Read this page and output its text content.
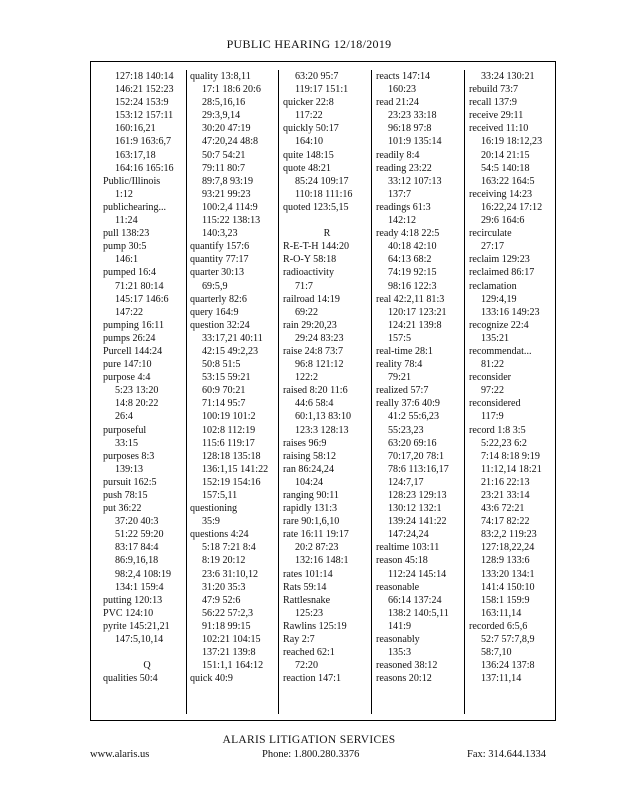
PUBLIC HEARING 12/18/2019
127:18 140:14
146:21 152:23
152:24 153:9
153:12 157:11
160:16,21
161:9 163:6,7
163:17,18
164:16 165:16
Public/Illinois
1:12
publichearing...
11:24
pull 138:23
pump 30:5
146:1
pumped 16:4
71:21 80:14
145:17 146:6
147:22
pumping 16:11
pumps 26:24
Purcell 144:24
pure 147:10
purpose 4:4
5:23 13:20
14:8 20:22
26:4
purposeful
33:15
purposes 8:3
139:13
pursuit 162:5
push 78:15
put 36:22
37:20 40:3
51:22 59:20
83:17 84:4
86:9,16,18
98:2,4 108:19
134:1 159:4
putting 120:13
PVC 124:10
pyrite 145:21,21
147:5,10,14
Q
qualities 50:4
quality 13:8,11
17:1 18:6 20:6
28:5,16,16
29:3,9,14
30:20 47:19
47:20,24 48:8
50:7 54:21
79:11 80:7
89:7,8 93:19
93:21 99:23
100:2,4 114:9
115:22 138:13
140:3,23
quantify 157:6
quantity 77:17
quarter 30:13
69:5,9
quarterly 82:6
query 164:9
question 32:24
33:17,21 40:11
42:15 49:2,23
50:8 51:5
53:15 59:21
60:9 70:21
71:14 95:7
100:19 101:2
102:8 112:19
115:6 119:17
128:18 135:18
136:1,15 141:22
152:19 154:16
157:5,11
questioning
35:9
questions 4:24
5:18 7:21 8:4
8:19 20:12
23:6 31:10,12
31:20 35:3
47:9 52:6
56:22 57:2,3
91:18 99:15
102:21 104:15
137:21 139:8
151:1,1 164:12
quick 40:9
63:20 95:7
119:17 151:1
quicker 22:8
117:22
quickly 50:17
164:10
quite 148:15
quote 48:21
85:24 109:17
110:18 111:16
quoted 123:5,15
R
R-E-T-H 144:20
R-O-Y 58:18
radioactivity
71:7
railroad 14:19
69:22
rain 29:20,23
29:24 83:23
raise 24:8 73:7
96:8 121:12
122:2
raised 8:20 11:6
44:6 58:4
60:1,13 83:10
123:3 128:13
raises 96:9
raising 58:12
ran 86:24,24
104:24
ranging 90:11
rapidly 131:3
rare 90:1,6,10
rate 16:11 19:17
20:2 87:23
132:16 148:1
rates 101:14
Rats 59:14
Rattlesnake
125:23
Rawlins 125:19
Ray 2:7
reached 62:1
72:20
reaction 147:1
reacts 147:14
160:23
read 21:24
23:23 33:18
96:18 97:8
101:9 135:14
readily 8:4
reading 23:22
33:12 107:13
137:7
readings 61:3
142:12
ready 4:18 22:5
40:18 42:10
64:13 68:2
74:19 92:15
98:16 122:3
real 42:2,11 81:3
120:17 123:21
124:21 139:8
157:5
real-time 28:1
reality 78:4
79:21
realized 57:7
really 37:6 40:9
41:2 55:6,23
55:23,23
63:20 69:16
70:17,20 78:1
78:6 113:16,17
124:7,17
128:23 129:13
130:12 132:1
139:24 141:22
147:24,24
realtime 103:11
reason 45:18
112:24 145:14
reasonable
66:14 137:24
138:2 140:5,11
141:9
reasonably
135:3
reasoned 38:12
reasons 20:12
33:24 130:21
rebuild 73:7
recall 137:9
receive 29:11
received 11:10
16:19 18:12,23
20:14 21:15
54:5 140:18
163:22 164:5
receiving 14:23
16:22,24 17:12
29:6 164:6
recirculate
27:17
reclaim 129:23
reclaimed 86:17
reclamation
129:4,19
133:16 149:23
recognize 22:4
135:21
recommendat...
81:22
reconsider
97:22
reconsidered
117:9
record 1:8 3:5
5:22,23 6:2
7:14 8:18 9:19
11:12,14 18:21
21:16 22:13
23:21 33:14
43:6 72:21
74:17 82:22
83:2,2 119:23
127:18,22,24
128:9 133:6
133:20 134:1
141:4 150:10
158:1 159:9
163:11,14
recorded 6:5,6
52:7 57:7,8,9
58:7,10
136:24 137:8
137:11,14
ALARIS LITIGATION SERVICES
www.alaris.us	Phone: 1.800.280.3376	Fax: 314.644.1334
